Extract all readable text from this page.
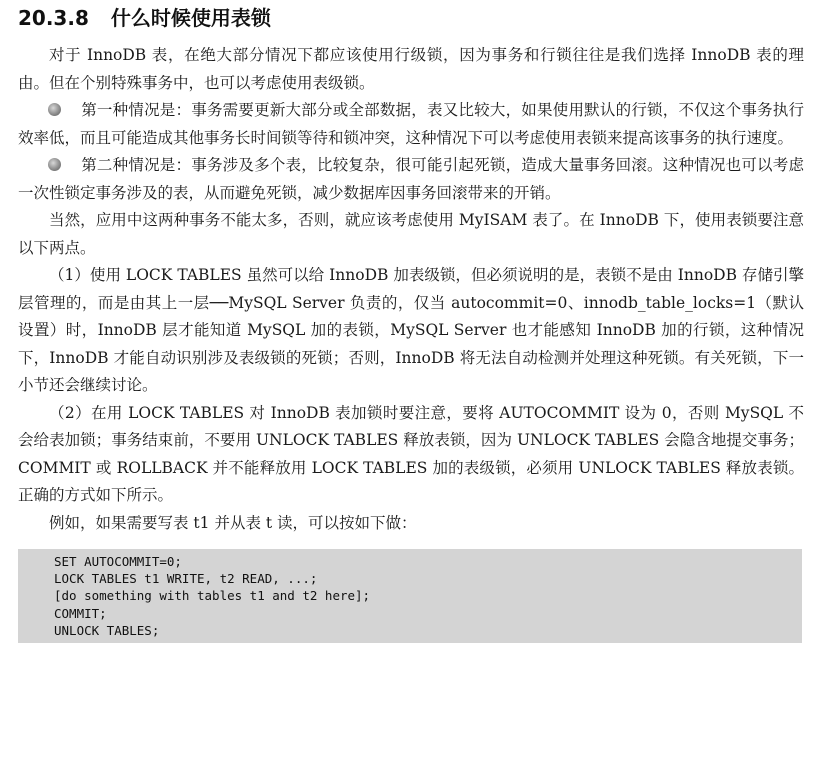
20.3.8 什么时候使用表锁

对于 InnoDB 表，在绝大部分情况下都应该使用行级锁，因为事务和行锁往往是我们选择 InnoDB 表的理由。但在个别特殊事务中，也可以考虑使用表级锁。

第一种情况是：事务需要更新大部分或全部数据，表又比较大，如果使用默认的行锁，不仅这个事务执行效率低，而且可能造成其他事务长时间锁等待和锁冲突，这种情况下可以考虑使用表锁来提高该事务的执行速度。

第二种情况是：事务涉及多个表，比较复杂，很可能引起死锁，造成大量事务回滚。这种情况也可以考虑一次性锁定事务涉及的表，从而避免死锁，减少数据库因事务回滚带来的开销。

当然，应用中这两种事务不能太多，否则，就应该考虑使用 MyISAM 表了。在 InnoDB 下，使用表锁要注意以下两点。

（1）使用 LOCK TABLES 虽然可以给 InnoDB 加表级锁，但必须说明的是，表锁不是由 InnoDB 存储引擎层管理的，而是由其上一层──MySQL Server 负责的，仅当 autocommit=0、innodb_table_locks=1（默认设置）时，InnoDB 层才能知道 MySQL 加的表锁，MySQL Server 也才能感知 InnoDB 加的行锁，这种情况下，InnoDB 才能自动识别涉及表级锁的死锁；否则，InnoDB 将无法自动检测并处理这种死锁。有关死锁，下一小节还会继续讨论。

（2）在用 LOCK TABLES 对 InnoDB 表加锁时要注意，要将 AUTOCOMMIT 设为 0，否则 MySQL 不会给表加锁；事务结束前，不要用 UNLOCK TABLES 释放表锁，因为 UNLOCK TABLES 会隐含地提交事务；COMMIT 或 ROLLBACK 并不能释放用 LOCK TABLES 加的表级锁，必须用 UNLOCK TABLES 释放表锁。正确的方式如下所示。

例如，如果需要写表 t1 并从表 t 读，可以按如下做：

SET AUTOCOMMIT=0;
LOCK TABLES t1 WRITE, t2 READ, ...;
[do something with tables t1 and t2 here];
COMMIT;
UNLOCK TABLES;
